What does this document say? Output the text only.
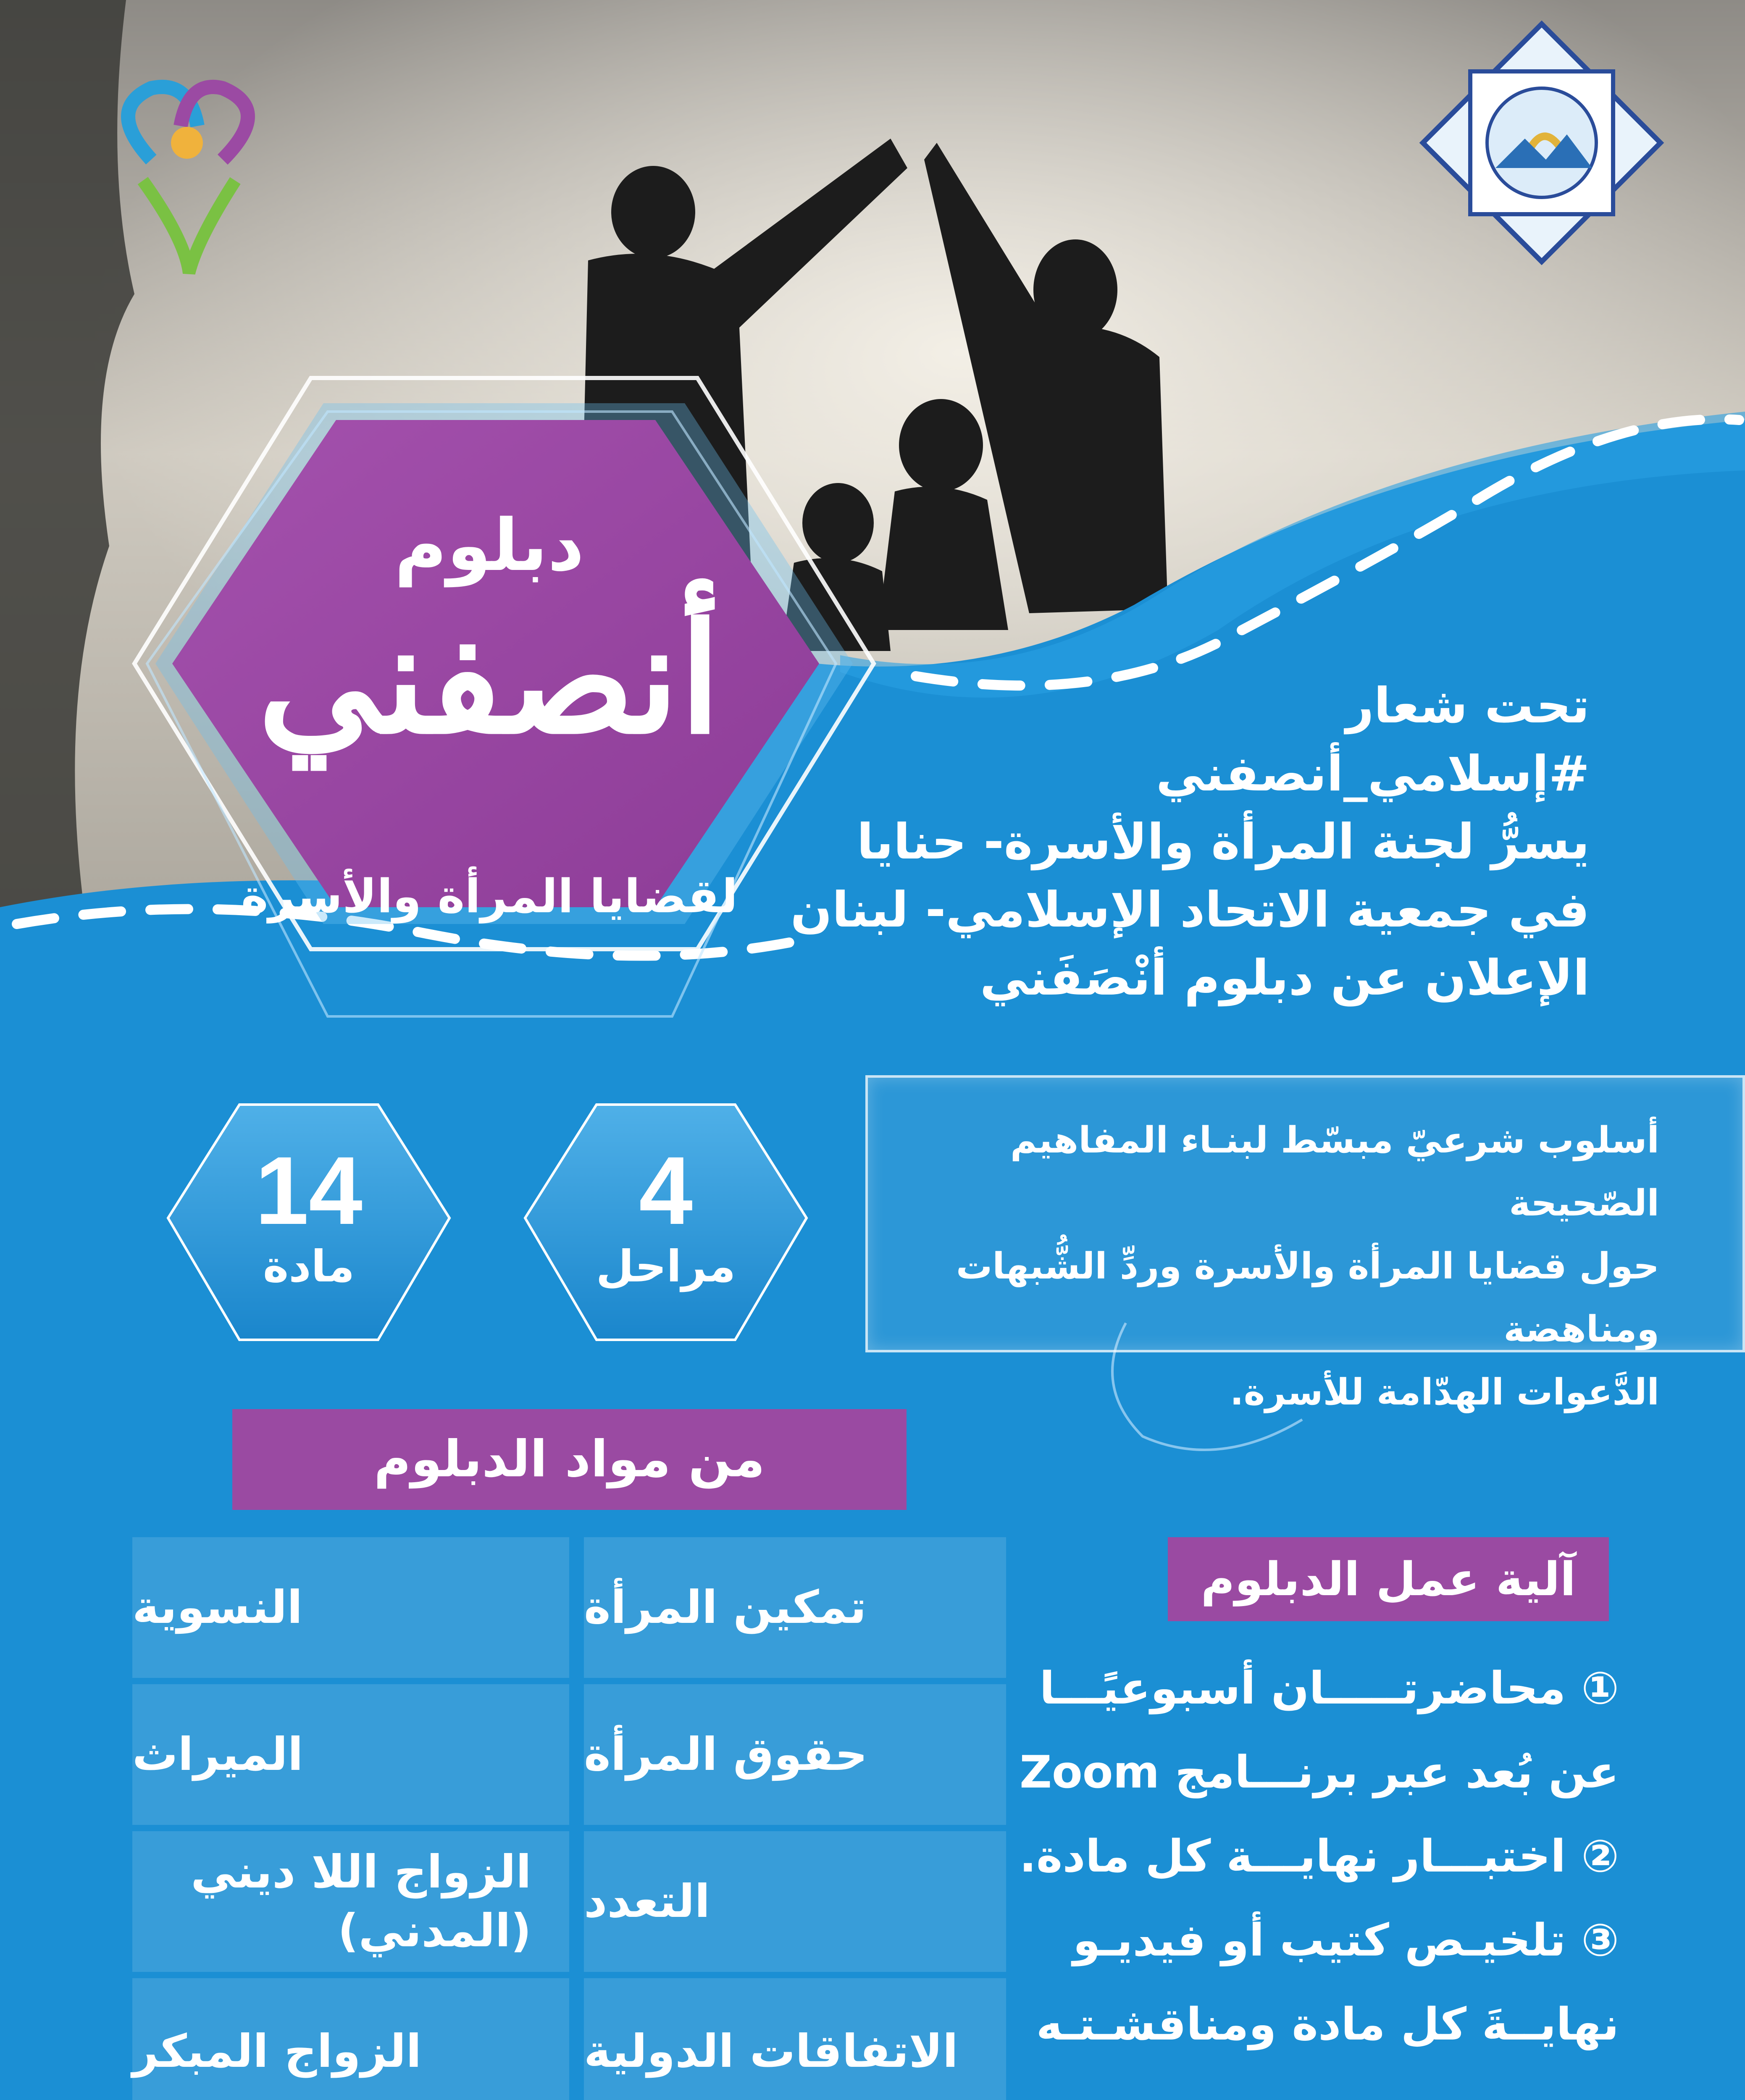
دبلوم
أنصفني
لقضايا المرأة والأسرة
تحت شعار
#إسلامي_أنصفني
يسرُّ لجنة المرأة والأسرة- حنايا
في جمعية الاتحاد الإسلامي- لبنان
الإعلان عن دبلوم أنْصَفَني
4
مراحل
14
مادة
أسلوب شرعيّ مبسّط لبنـاء المفاهيم الصّحيحة
حول قضايا المرأة والأسرة وردِّ الشُّبهات ومناهضة
الدَّعوات الهدّامة للأسرة.
من مواد الدبلوم
تمكين المرأة
حقوق المرأة
التعدد
الاتفاقات الدولية
النسوية
الميراث
الزواج اللا ديني (المدني)
الزواج المبكر
آلية عمل الدبلوم
① محاضرتـــــان أسبوعيًـــا
عن بُعد عبر برنـــامج Zoom
② اختبـــار نهايـــة كل مادة.
③ تلخيـص كتيب أو فيديـو
نهايــةَ كل مادة ومناقشـتـه
